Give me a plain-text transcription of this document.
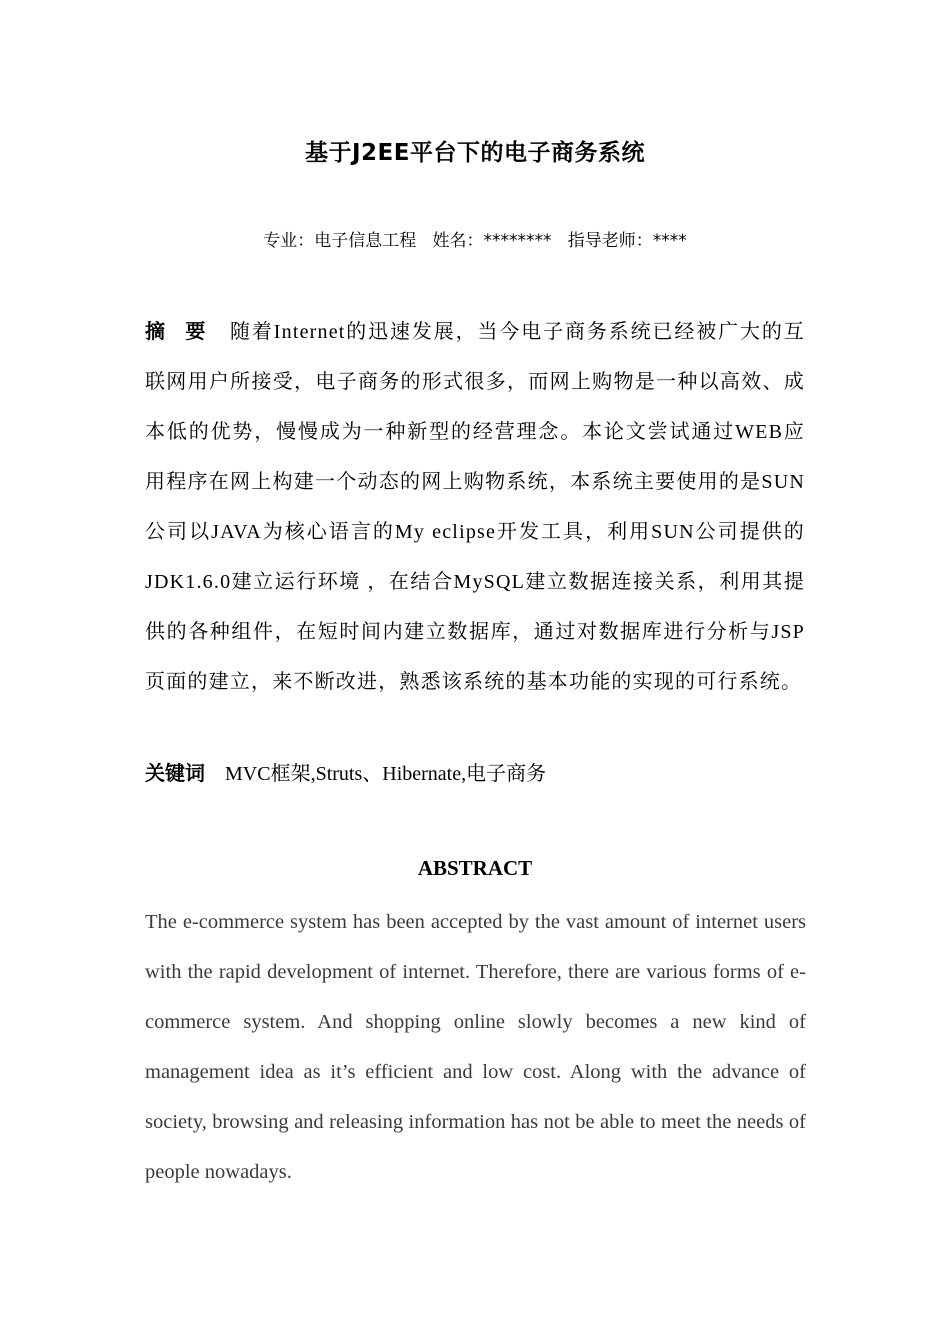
基于J2EE平台下的电子商务系统
专业：电子信息工程 姓名：******** 指导老师：****
摘 要 随着Internet的迅速发展，当今电子商务系统已经被广大的互联网用户所接受，电子商务的形式很多，而网上购物是一种以高效、成本低的优势，慢慢成为一种新型的经营理念。本论文尝试通过WEB应用程序在网上构建一个动态的网上购物系统，本系统主要使用的是SUN公司以JAVA为核心语言的My eclipse开发工具，利用SUN公司提供的JDK1.6.0建立运行环境 ，在结合MySQL建立数据连接关系，利用其提供的各种组件，在短时间内建立数据库，通过对数据库进行分析与JSP页面的建立，来不断改进，熟悉该系统的基本功能的实现的可行系统。
关键词 MVC框架,Struts、Hibernate,电子商务
ABSTRACT
The e-commerce system has been accepted by the vast amount of internet users with the rapid development of internet. Therefore, there are various forms of e-commerce system. And shopping online slowly becomes a new kind of management idea as it’s efficient and low cost. Along with the advance of society, browsing and releasing information has not be able to meet the needs of people nowadays.
